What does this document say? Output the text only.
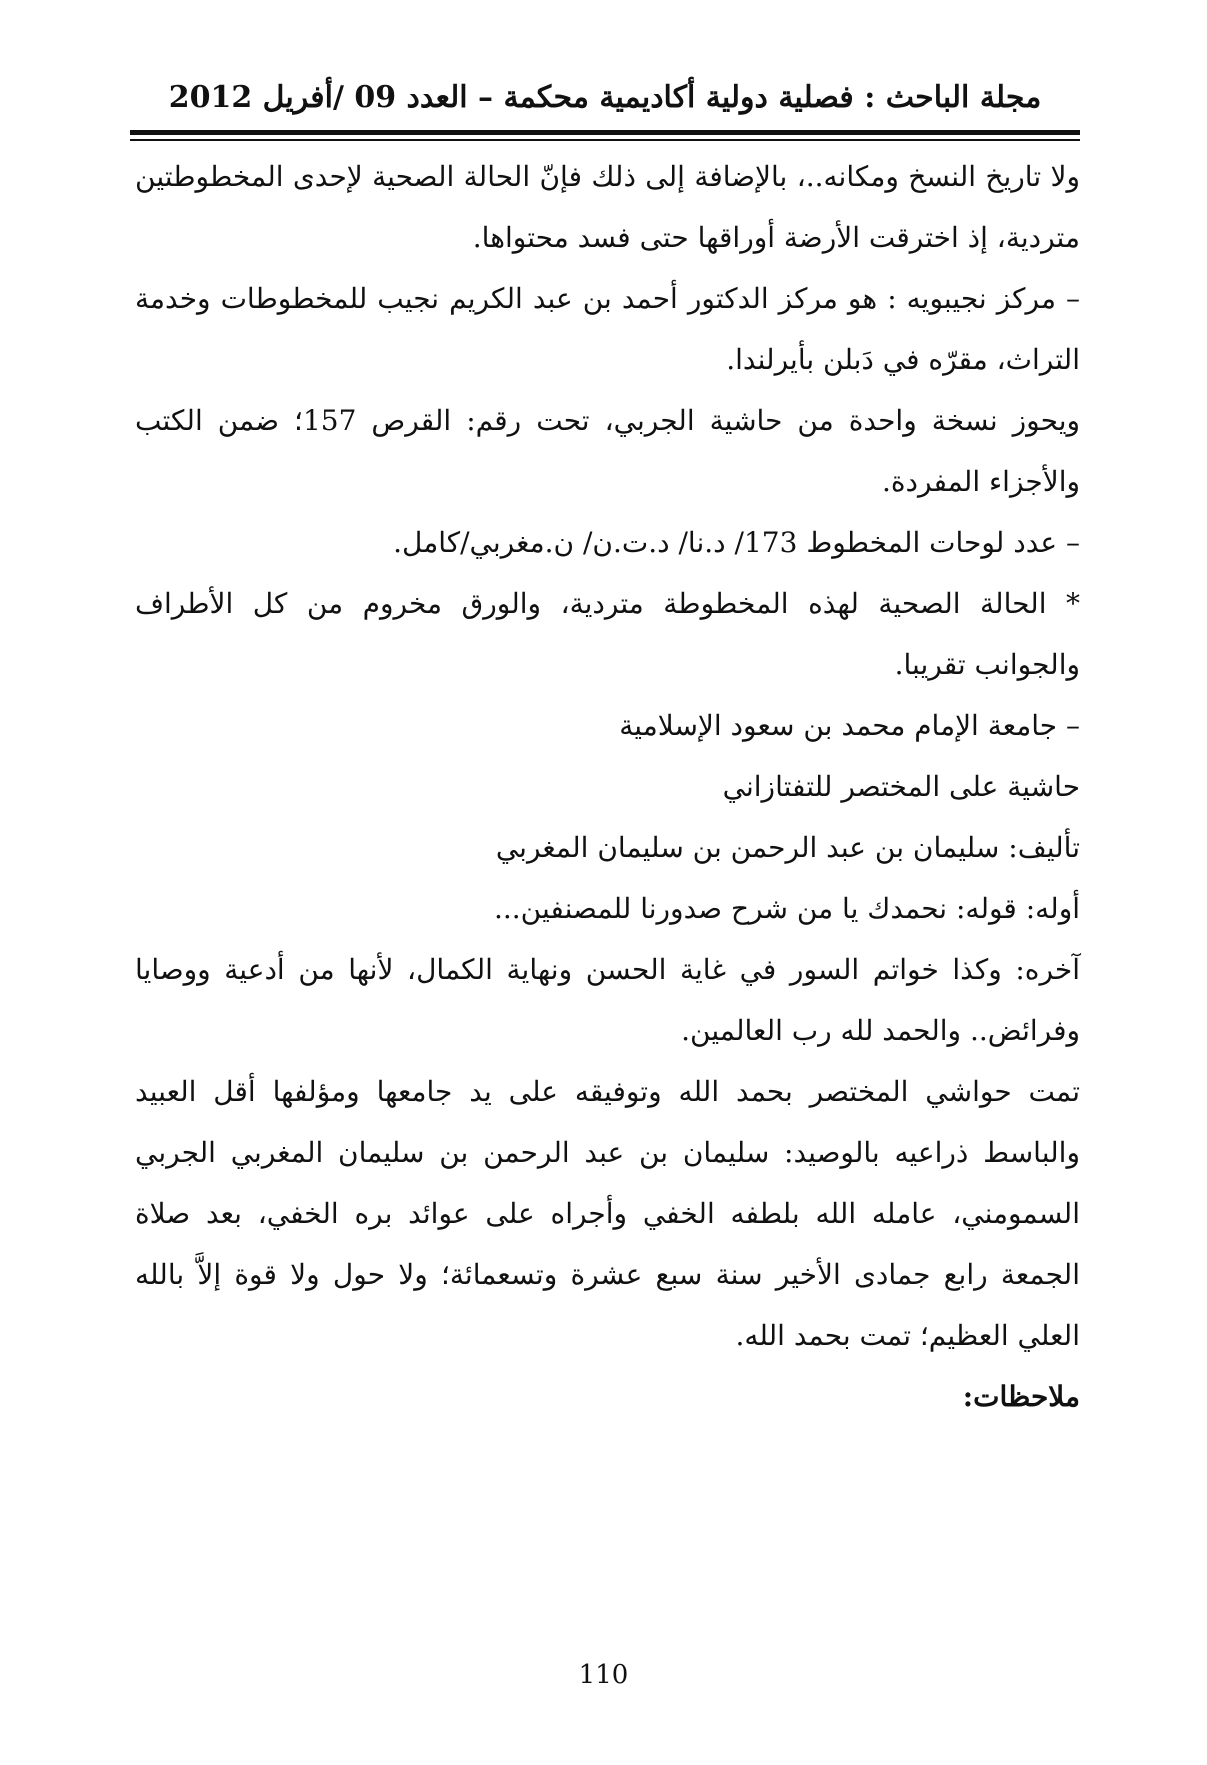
مجلة الباحث : فصلية دولية أكاديمية محكمة – العدد 09 /أفريل 2012

ولا تاريخ النسخ ومكانه..، بالإضافة إلى ذلك فإنّ الحالة الصحية لإحدى المخطوطتين متردية، إذ اخترقت الأرضة أوراقها حتى فسد محتواها.

– مركز نجيبويه : هو مركز الدكتور أحمد بن عبد الكريم نجيب للمخطوطات وخدمة التراث، مقرّه في دَبلن بأيرلندا.

ويحوز نسخة واحدة من حاشية الجربي، تحت رقم: القرص 157؛ ضمن الكتب والأجزاء المفردة.

– عدد لوحات المخطوط 173/ د.نا/ د.ت.ن/ ن.مغربي/كامل.

* الحالة الصحية لهذه المخطوطة متردية، والورق مخروم من كل الأطراف والجوانب تقريبا.

– جامعة الإمام محمد بن سعود الإسلامية

حاشية على المختصر للتفتازاني

تأليف: سليمان بن عبد الرحمن بن سليمان المغربي

أوله: قوله: نحمدك يا من شرح صدورنا للمصنفين...

آخره: وكذا خواتم السور في غاية الحسن ونهاية الكمال، لأنها من أدعية ووصايا وفرائض.. والحمد لله رب العالمين.

تمت حواشي المختصر بحمد الله وتوفيقه على يد جامعها ومؤلفها أقل العبيد والباسط ذراعيه بالوصيد: سليمان بن عبد الرحمن بن سليمان المغربي الجربي السمومني، عامله الله بلطفه الخفي وأجراه على عوائد بره الخفي، بعد صلاة الجمعة رابع جمادى الأخير سنة سبع عشرة وتسعمائة؛ ولا حول ولا قوة إلاَّ بالله العلي العظيم؛ تمت بحمد الله.

ملاحظات:

110
